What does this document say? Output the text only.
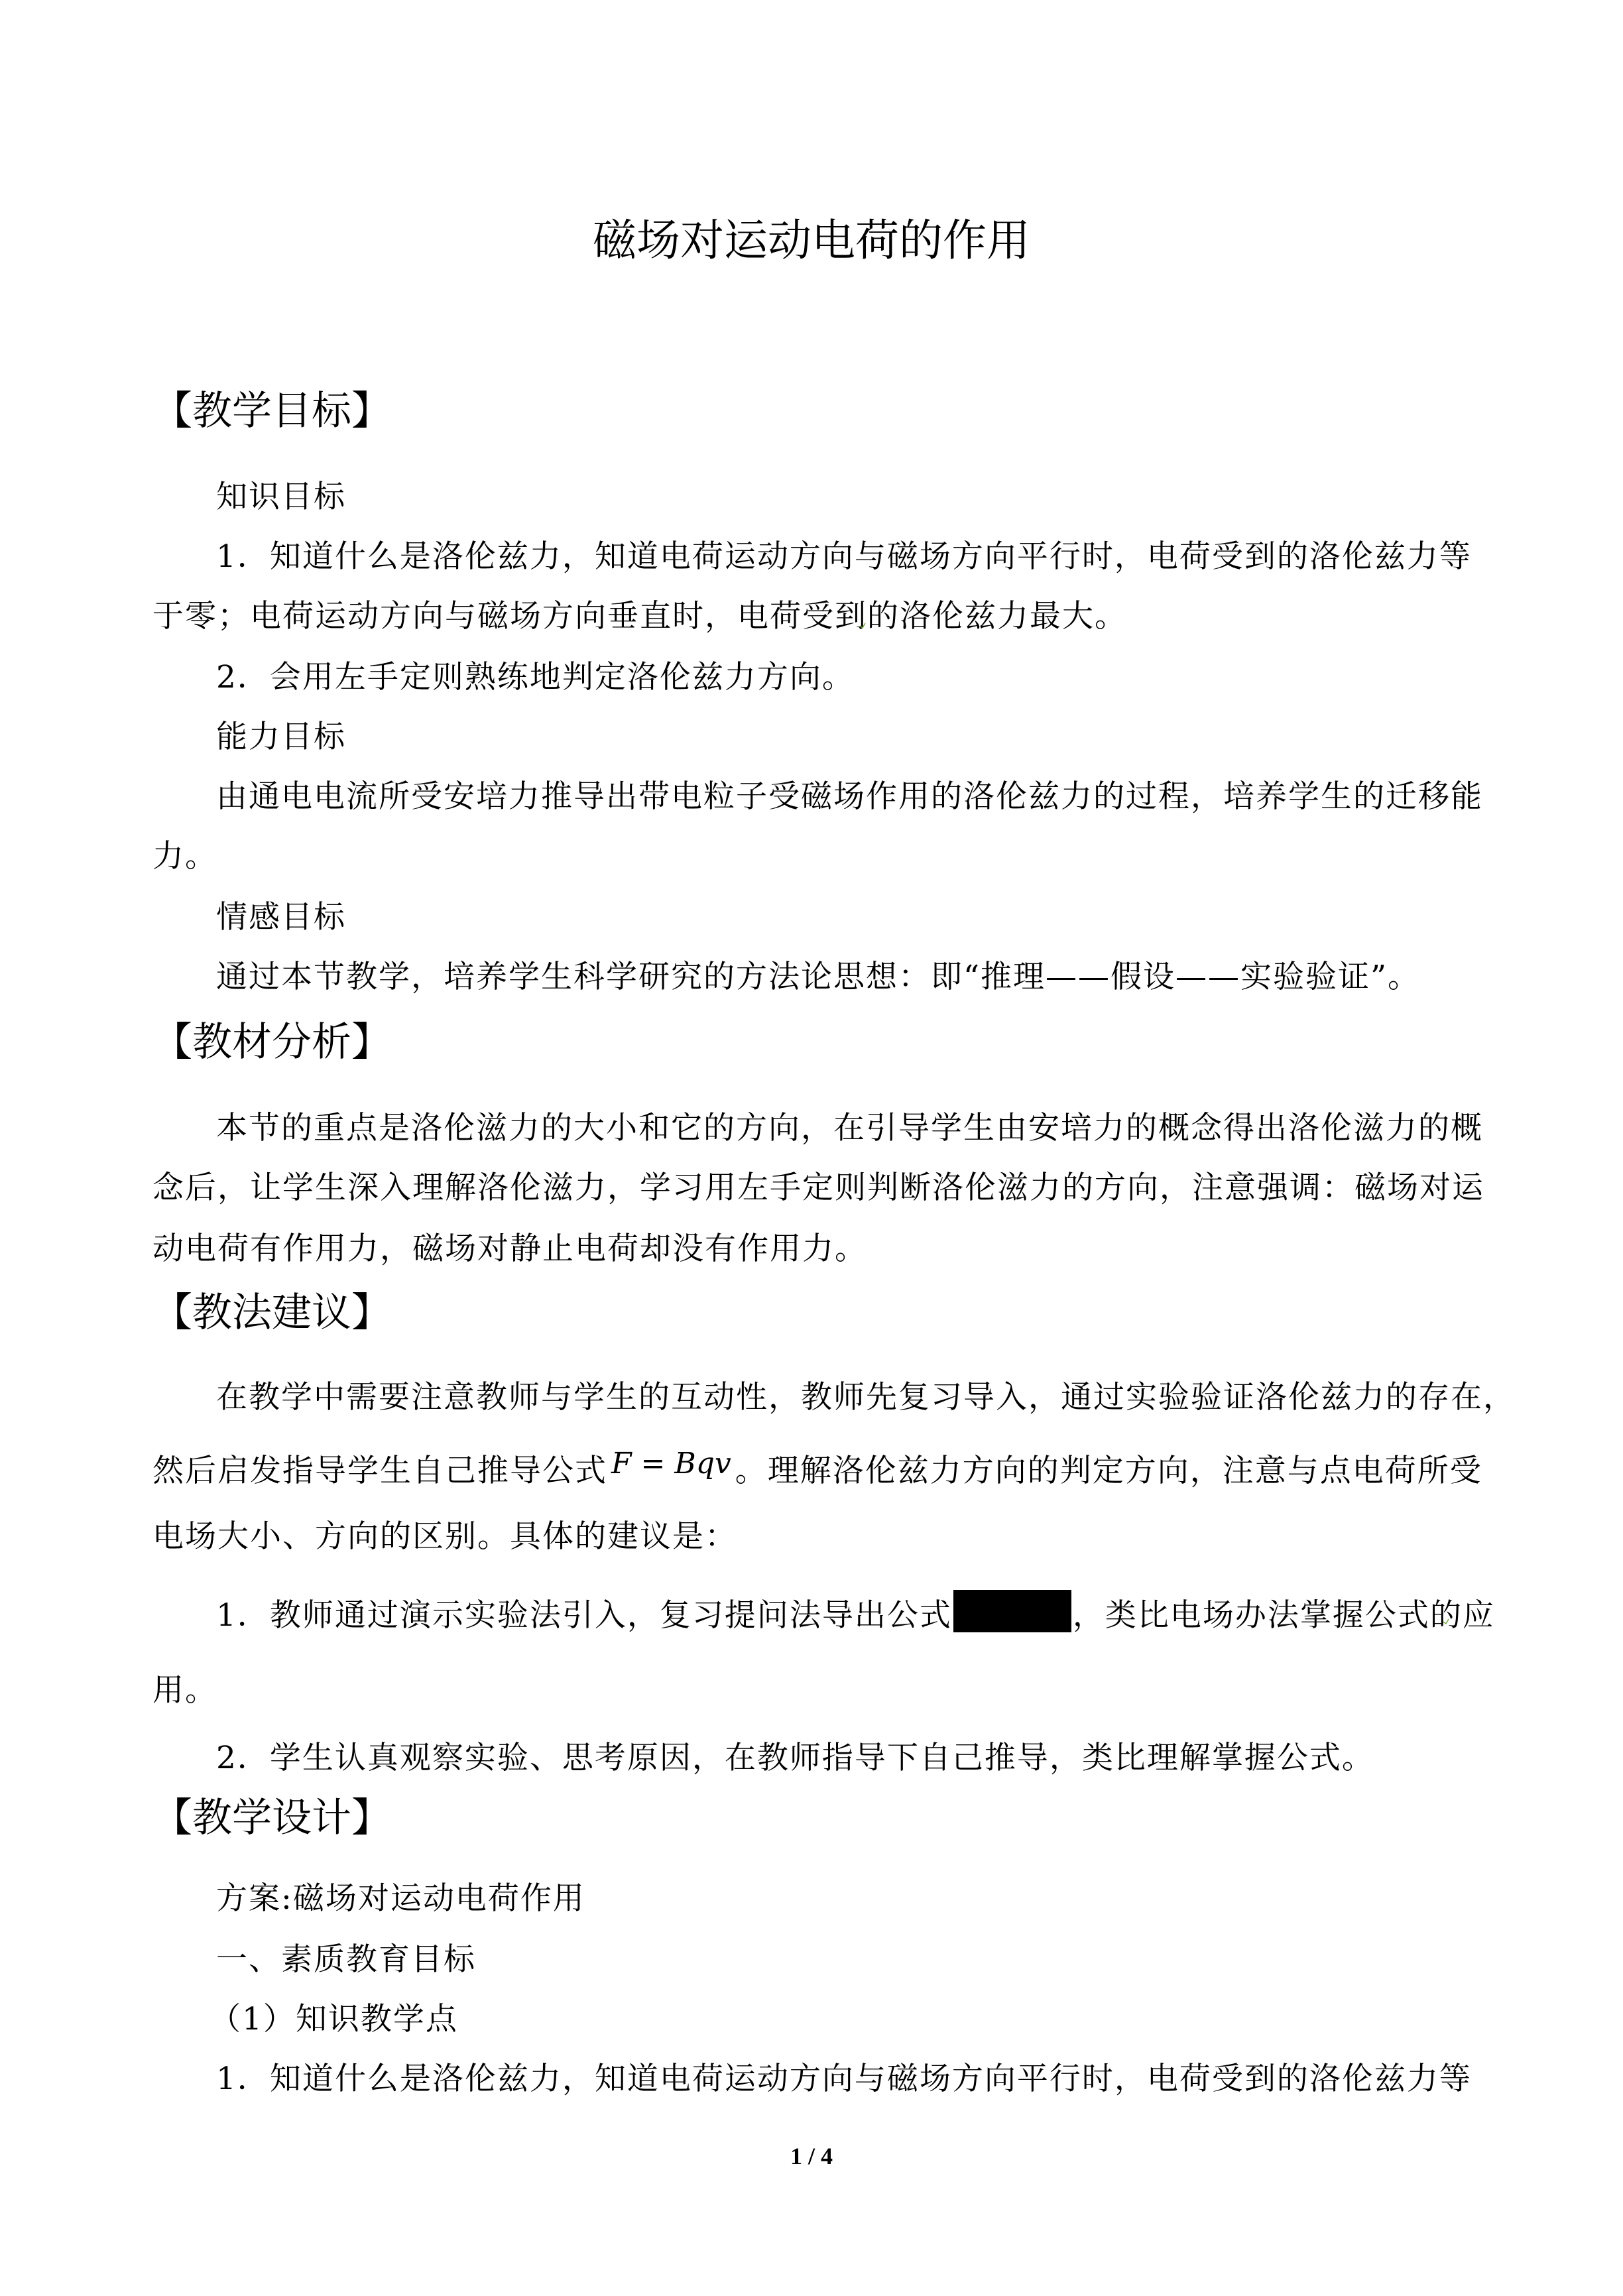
磁场对运动电荷的作用
【教学目标】
知识目标
1．知道什么是洛伦兹力，知道电荷运动方向与磁场方向平行时，电荷受到的洛伦兹力等
于零；电荷运动方向与磁场方向垂直时，电荷受到的洛伦兹力最大。
2．会用左手定则熟练地判定洛伦兹力方向。
能力目标
由通电电流所受安培力推导出带电粒子受磁场作用的洛伦兹力的过程，培养学生的迁移能
力。
情感目标
通过本节教学，培养学生科学研究的方法论思想：即“推理——假设——实验验证”。
【教材分析】
本节的重点是洛伦滋力的大小和它的方向，在引导学生由安培力的概念得出洛伦滋力的概
念后，让学生深入理解洛伦滋力，学习用左手定则判断洛伦滋力的方向，注意强调：磁场对运
动电荷有作用力，磁场对静止电荷却没有作用力。
【教法建议】
在教学中需要注意教师与学生的互动性，教师先复习导入，通过实验验证洛伦兹力的存在，
然后启发指导学生自己推导公式 F = Bqv 。理解洛伦兹力方向的判定方向，注意与点电荷所受
电场大小、方向的区别。具体的建议是：
1．教师通过演示实验法引入，复习提问法导出公式	，类比电场办法掌握公式的应
用。
2．学生认真观察实验、思考原因，在教师指导下自己推导，类比理解掌握公式。
【教学设计】
方案:磁场对运动电荷作用
一、素质教育目标
（1）知识教学点
1．知道什么是洛伦兹力，知道电荷运动方向与磁场方向平行时，电荷受到的洛伦兹力等
1 / 4
